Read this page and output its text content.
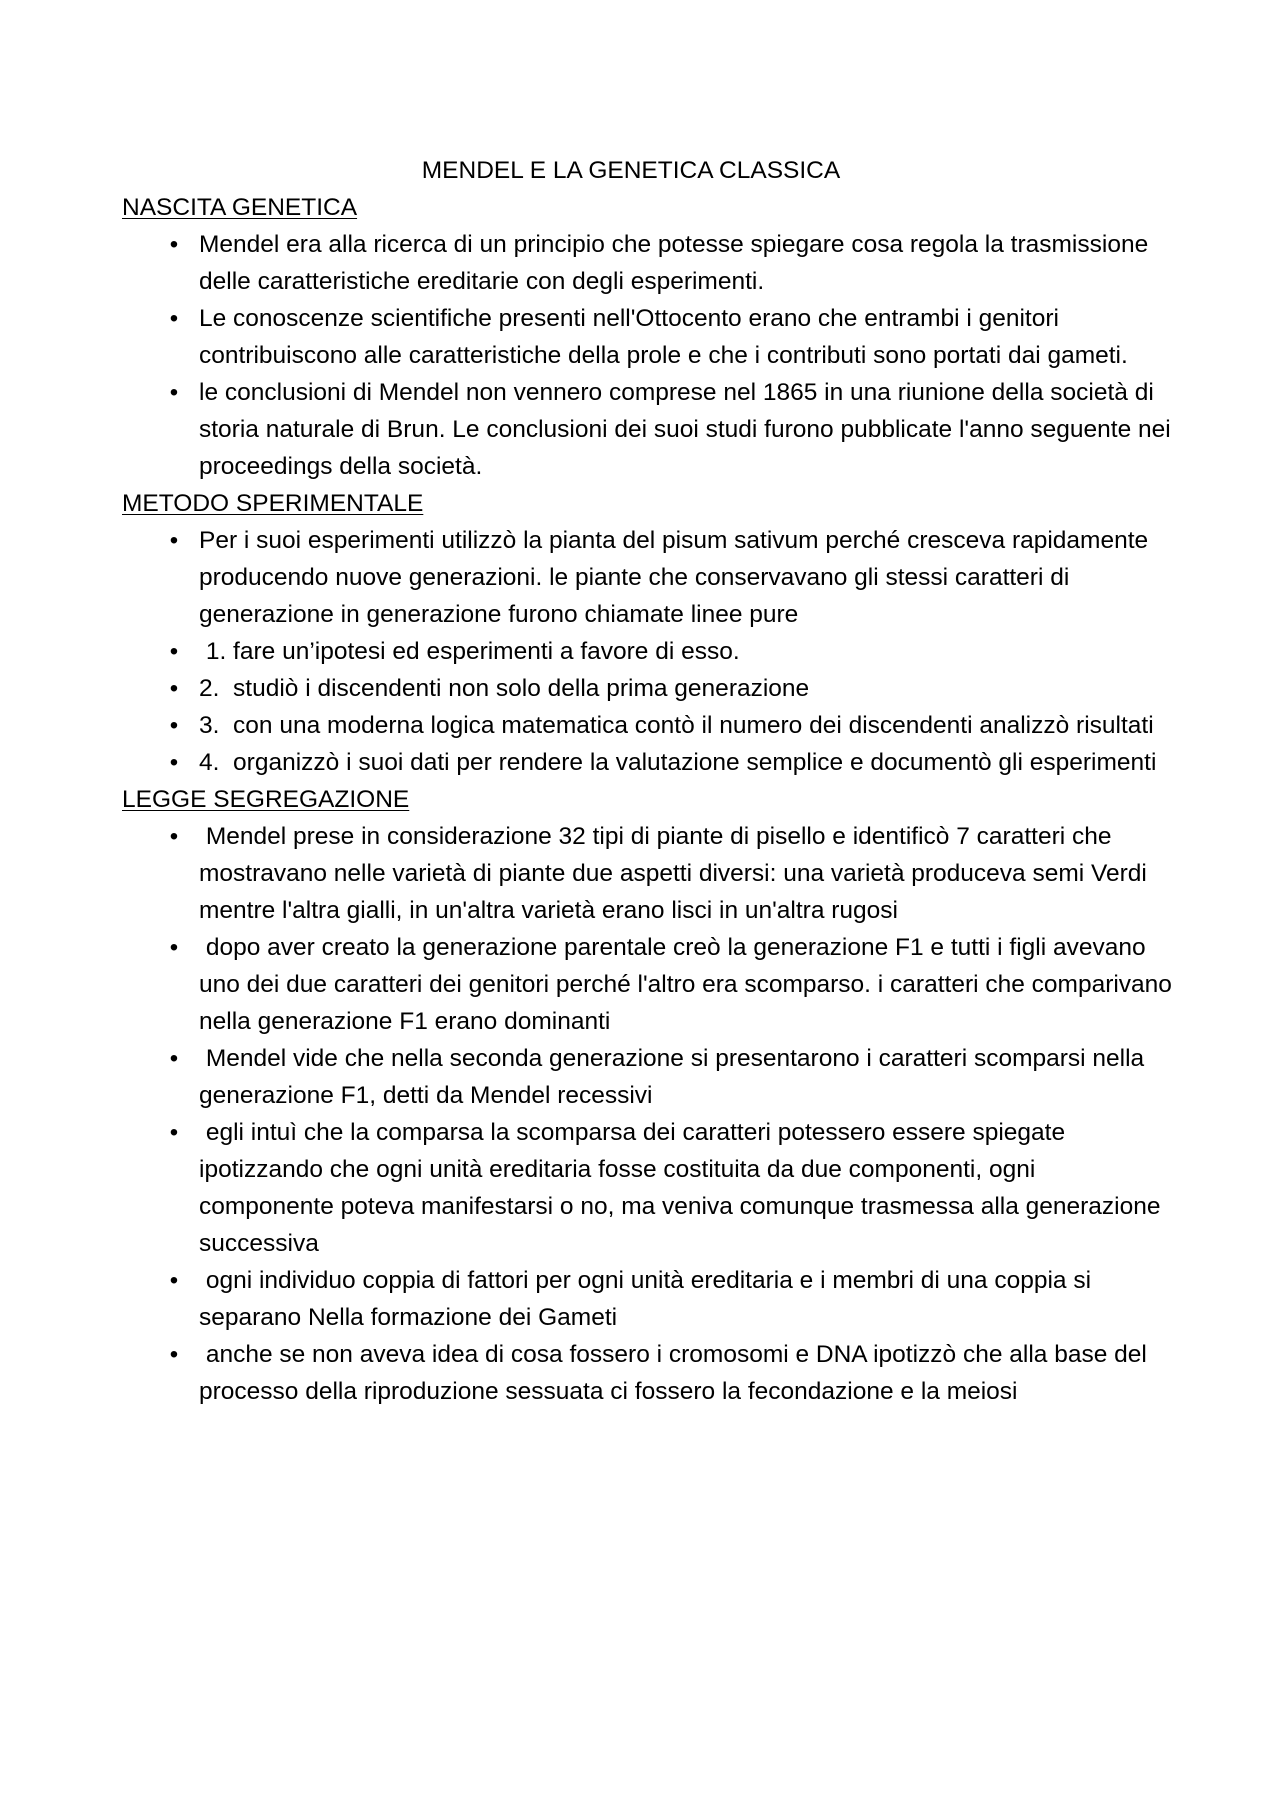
MENDEL E LA GENETICA CLASSICA

NASCITA GENETICA

• Mendel era alla ricerca di un principio che potesse spiegare cosa regola la trasmissione delle caratteristiche ereditarie con degli esperimenti.
• Le conoscenze scientifiche presenti nell'Ottocento erano che entrambi i genitori contribuiscono alle caratteristiche della prole e che i contributi sono portati dai gameti.
• le conclusioni di Mendel non vennero comprese nel 1865 in una riunione della società di storia naturale di Brun. Le conclusioni dei suoi studi furono pubblicate l'anno seguente nei proceedings della società.

METODO SPERIMENTALE

• Per i suoi esperimenti utilizzò la pianta del pisum sativum perché cresceva rapidamente producendo nuove generazioni. le piante che conservavano gli stessi caratteri di generazione in generazione furono chiamate linee pure
• 1. fare un’ipotesi ed esperimenti a favore di esso.
• 2.  studiò i discendenti non solo della prima generazione
• 3.  con una moderna logica matematica contò il numero dei discendenti analizzò risultati
• 4.  organizzò i suoi dati per rendere la valutazione semplice e documentò gli esperimenti

LEGGE SEGREGAZIONE

• Mendel prese in considerazione 32 tipi di piante di pisello e identificò 7 caratteri che mostravano nelle varietà di piante due aspetti diversi: una varietà produceva semi Verdi mentre l'altra gialli, in un'altra varietà erano lisci in un'altra rugosi
• dopo aver creato la generazione parentale creò la generazione F1 e tutti i figli avevano uno dei due caratteri dei genitori perché l'altro era scomparso. i caratteri che comparivano nella generazione F1 erano dominanti
• Mendel vide che nella seconda generazione si presentarono i caratteri scomparsi nella generazione F1, detti da Mendel recessivi
• egli intuì che la comparsa la scomparsa dei caratteri potessero essere spiegate ipotizzando che ogni unità ereditaria fosse costituita da due componenti, ogni componente poteva manifestarsi o no, ma veniva comunque trasmessa alla generazione successiva
• ogni individuo coppia di fattori per ogni unità ereditaria e i membri di una coppia si separano Nella formazione dei Gameti
• anche se non aveva idea di cosa fossero i cromosomi e DNA ipotizzò che alla base del processo della riproduzione sessuata ci fossero la fecondazione e la meiosi
